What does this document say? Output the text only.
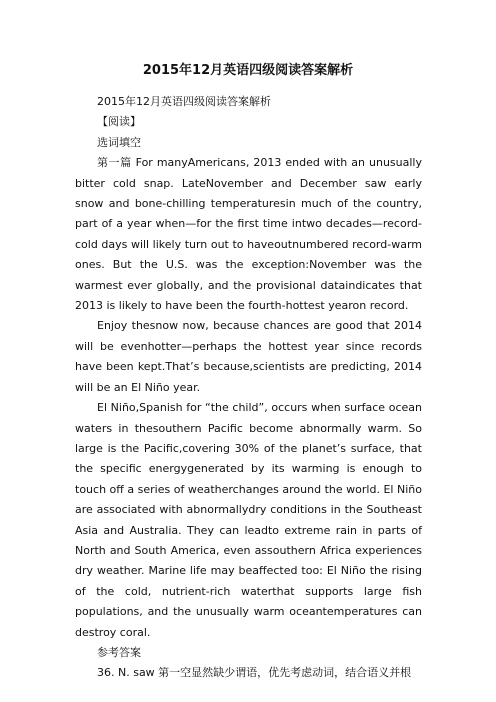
2015年12月英语四级阅读答案解析

2015年12月英语四级阅读答案解析

【阅读】

选词填空

第一篇 For manyAmericans, 2013 ended with an unusually bitter cold snap. LateNovember and December saw early snow and bone-chilling temperaturesin much of the country, part of a year when—for the first time intwo decades—record-cold days will likely turn out to haveoutnumbered record-warm ones. But the U.S. was the exception:November was the warmest ever globally, and the provisional dataindicates that 2013 is likely to have been the fourth-hottest yearon record.

Enjoy thesnow now, because chances are good that 2014 will be evenhotter—perhaps the hottest year since records have been kept.That’s because,scientists are predicting, 2014 will be an El Niño year.

El Niño,Spanish for “the child”, occurs when surface ocean waters in thesouthern Pacific become abnormally warm. So large is the Pacific,covering 30% of the planet’s surface, that the specific energygenerated by its warming is enough to touch off a series of weatherchanges around the world. El Niño are associated with abnormallydry conditions in the Southeast Asia and Australia. They can leadto extreme rain in parts of North and South America, even assouthern Africa experiences dry weather. Marine life may beaffected too: El Niño the rising of the cold, nutrient-rich waterthat supports large fish populations, and the unusually warm oceantemperatures can destroy coral.

参考答案

36. N. saw 第一空显然缺少谓语，优先考虑动词，结合语义并根
